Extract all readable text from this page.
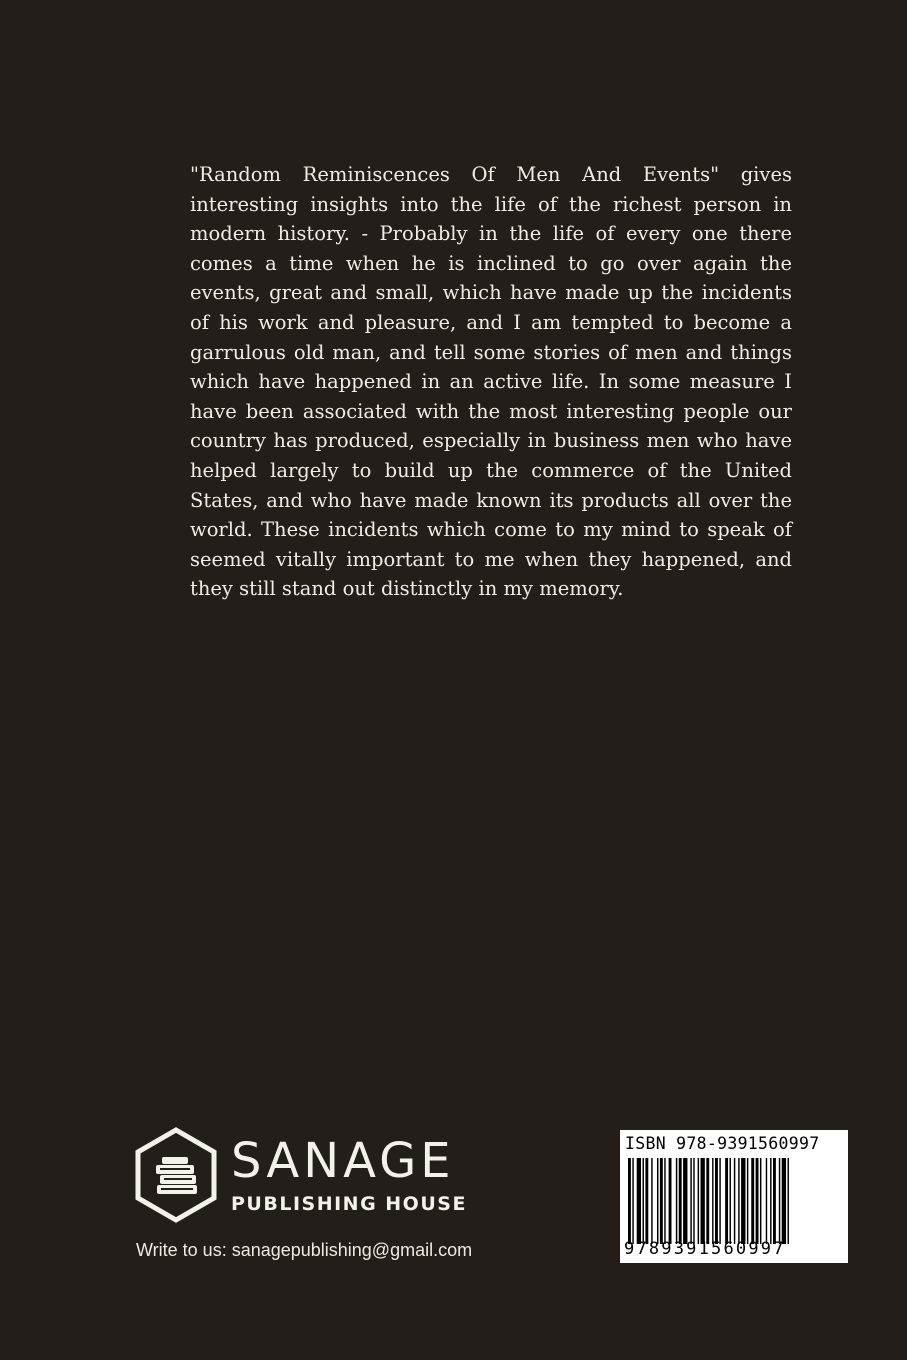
"Random Reminiscences Of Men And Events" gives interesting insights into the life of the richest person in modern history. - Probably in the life of every one there comes a time when he is inclined to go over again the events, great and small, which have made up the incidents of his work and pleasure, and I am tempted to become a garrulous old man, and tell some stories of men and things which have happened in an active life. In some measure I have been associated with the most interesting people our country has produced, especially in business men who have helped largely to build up the commerce of the United States, and who have made known its products all over the world. These incidents which come to my mind to speak of seemed vitally important to me when they happened, and they still stand out distinctly in my memory.

SANAGE
PUBLISHING HOUSE
Write to us: sanagepublishing@gmail.com
ISBN 978-9391560997
9789391560997
